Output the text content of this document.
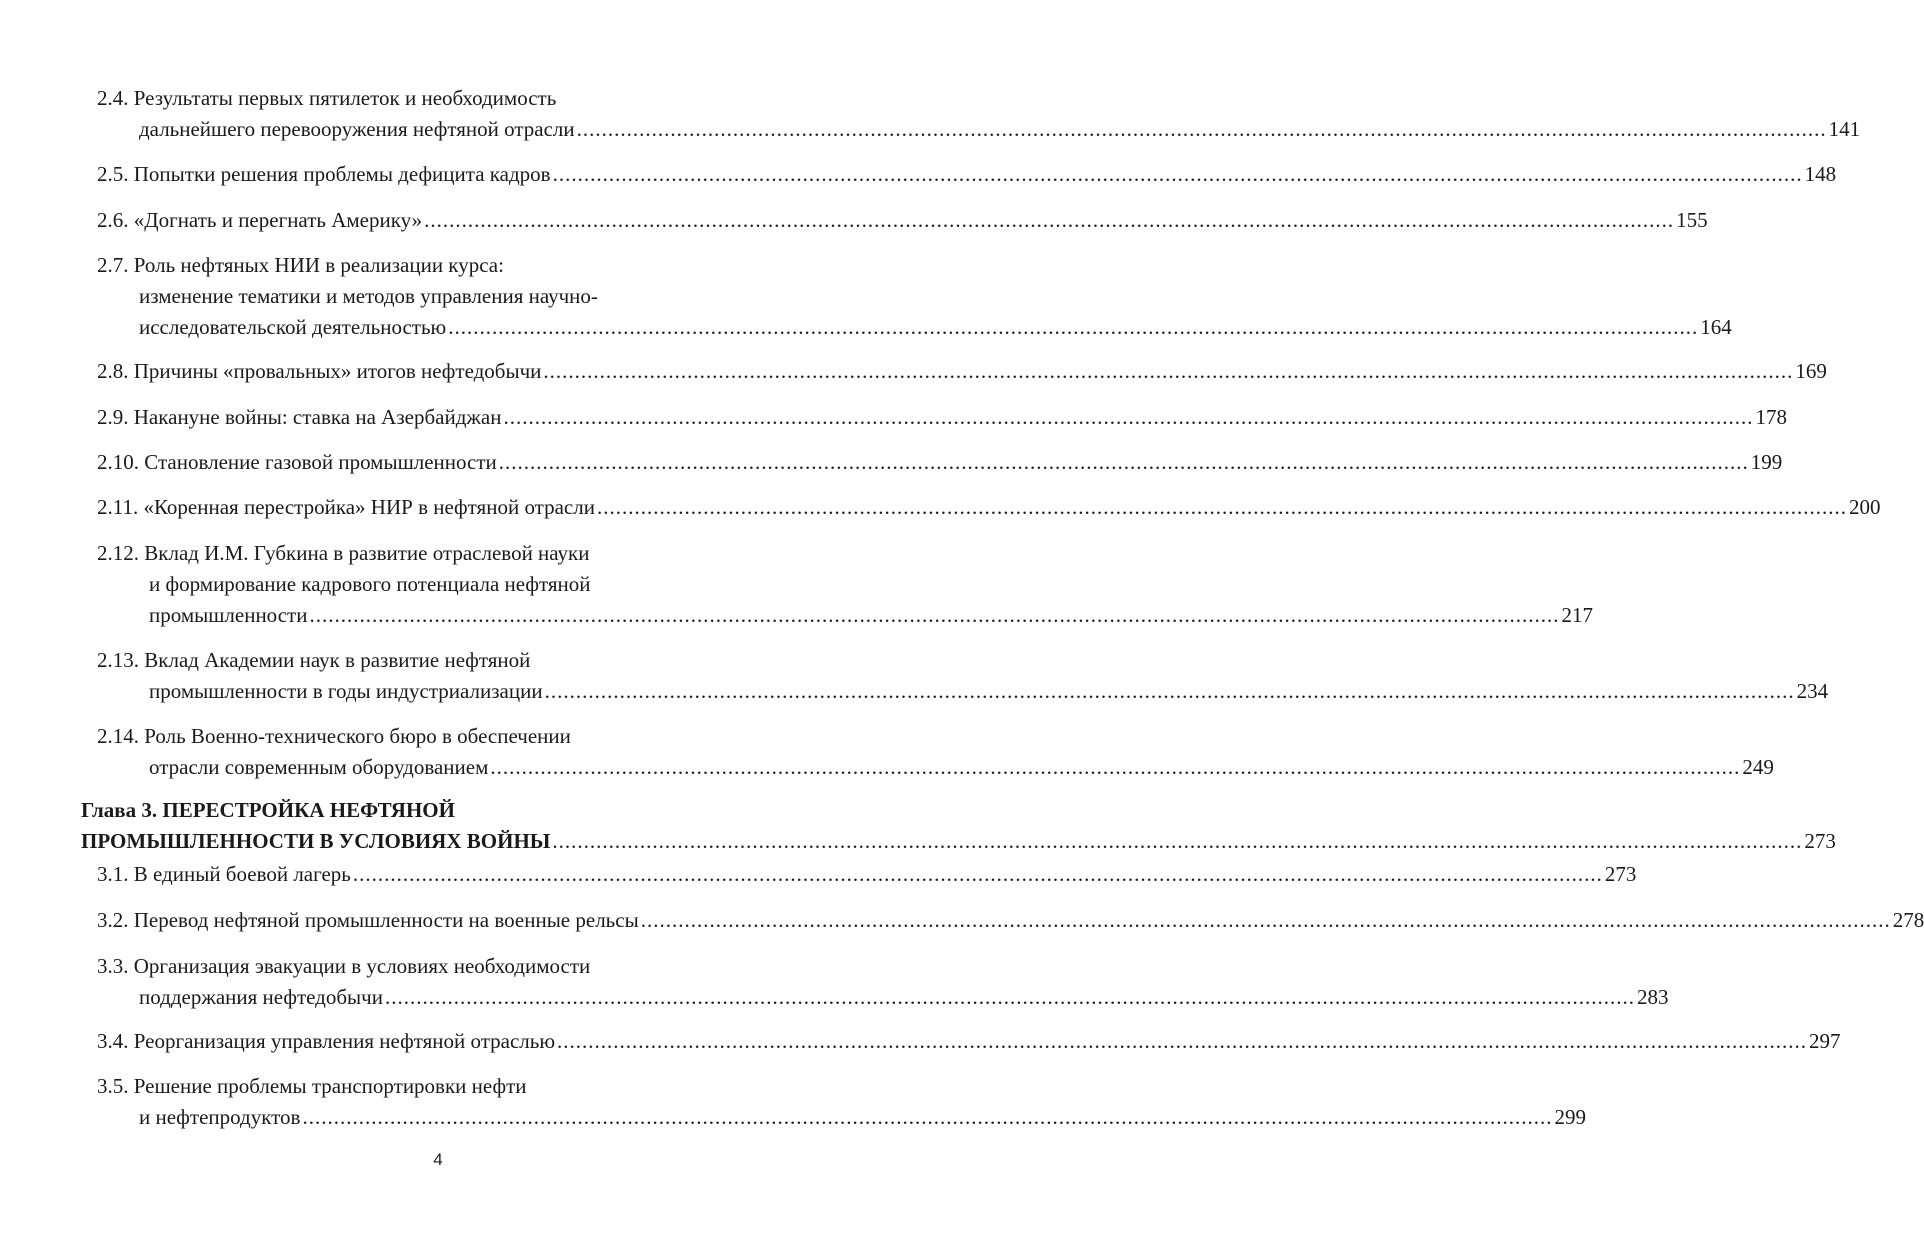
2.4. Результаты первых пятилеток и необходимость
дальнейшего перевооружения нефтяной отрасли ........................................................................................................................................................................................................ 141
2.5. Попытки решения проблемы дефицита кадров ........................................................................................................................................................................................................ 148
2.6. «Догнать и перегнать Америку» ........................................................................................................................................................................................................ 155
2.7. Роль нефтяных НИИ в реализации курса:
изменение тематики и методов управления научно-
исследовательской деятельностью ........................................................................................................................................................................................................ 164
2.8. Причины «провальных» итогов нефтедобычи ........................................................................................................................................................................................................ 169
2.9. Накануне войны: ставка на Азербайджан ........................................................................................................................................................................................................ 178
2.10. Становление газовой промышленности ........................................................................................................................................................................................................ 199
2.11. «Коренная перестройка» НИР в нефтяной отрасли ........................................................................................................................................................................................................ 200
2.12. Вклад И.М. Губкина в развитие отраслевой науки
и формирование кадрового потенциала нефтяной
промышленности ........................................................................................................................................................................................................ 217
2.13. Вклад Академии наук в развитие нефтяной
промышленности в годы индустриализации ........................................................................................................................................................................................................ 234
2.14. Роль Военно-технического бюро в обеспечении
отрасли современным оборудованием ........................................................................................................................................................................................................ 249
Глава 3. ПЕРЕСТРОЙКА НЕФТЯНОЙ
ПРОМЫШЛЕННОСТИ В УСЛОВИЯХ ВОЙНЫ ........................................................................................................................................................................................................ 273
3.1. В единый боевой лагерь ........................................................................................................................................................................................................ 273
3.2. Перевод нефтяной промышленности на военные рельсы ........................................................................................................................................................................................................ 278
3.3. Организация эвакуации в условиях необходимости
поддержания нефтедобычи ........................................................................................................................................................................................................ 283
3.4. Реорганизация управления нефтяной отраслью ........................................................................................................................................................................................................ 297
3.5. Решение проблемы транспортировки нефти
и нефтепродуктов ........................................................................................................................................................................................................ 299
4
